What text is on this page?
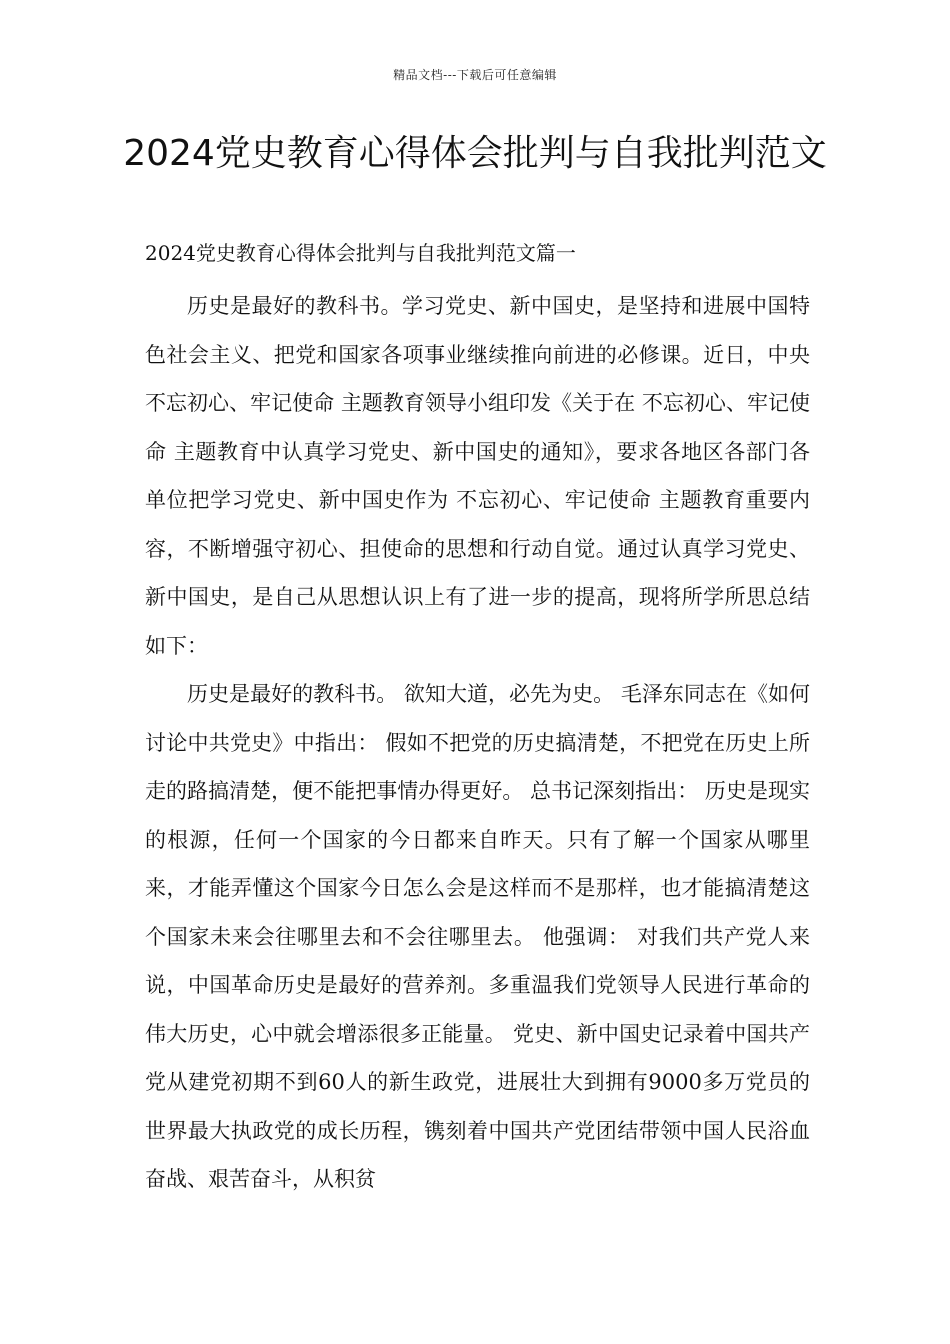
精品文档---下载后可任意编辑
2024党史教育心得体会批判与自我批判范文
2024党史教育心得体会批判与自我批判范文篇一

历史是最好的教科书。学习党史、新中国史，是坚持和进展中国特色社会主义、把党和国家各项事业继续推向前进的必修课。近日，中央 不忘初心、牢记使命 主题教育领导小组印发《关于在 不忘初心、牢记使命 主题教育中认真学习党史、新中国史的通知》，要求各地区各部门各单位把学习党史、新中国史作为 不忘初心、牢记使命 主题教育重要内容，不断增强守初心、担使命的思想和行动自觉。通过认真学习党史、新中国史，是自己从思想认识上有了进一步的提高，现将所学所思总结如下：

历史是最好的教科书。 欲知大道，必先为史。 毛泽东同志在《如何讨论中共党史》中指出： 假如不把党的历史搞清楚，不把党在历史上所走的路搞清楚，便不能把事情办得更好。 总书记深刻指出： 历史是现实的根源，任何一个国家的今日都来自昨天。只有了解一个国家从哪里来，才能弄懂这个国家今日怎么会是这样而不是那样，也才能搞清楚这个国家未来会往哪里去和不会往哪里去。 他强调： 对我们共产党人来说，中国革命历史是最好的营养剂。多重温我们党领导人民进行革命的伟大历史，心中就会增添很多正能量。 党史、新中国史记录着中国共产党从建党初期不到60人的新生政党，进展壮大到拥有9000多万党员的世界最大执政党的成长历程，镌刻着中国共产党团结带领中国人民浴血奋战、艰苦奋斗，从积贫
